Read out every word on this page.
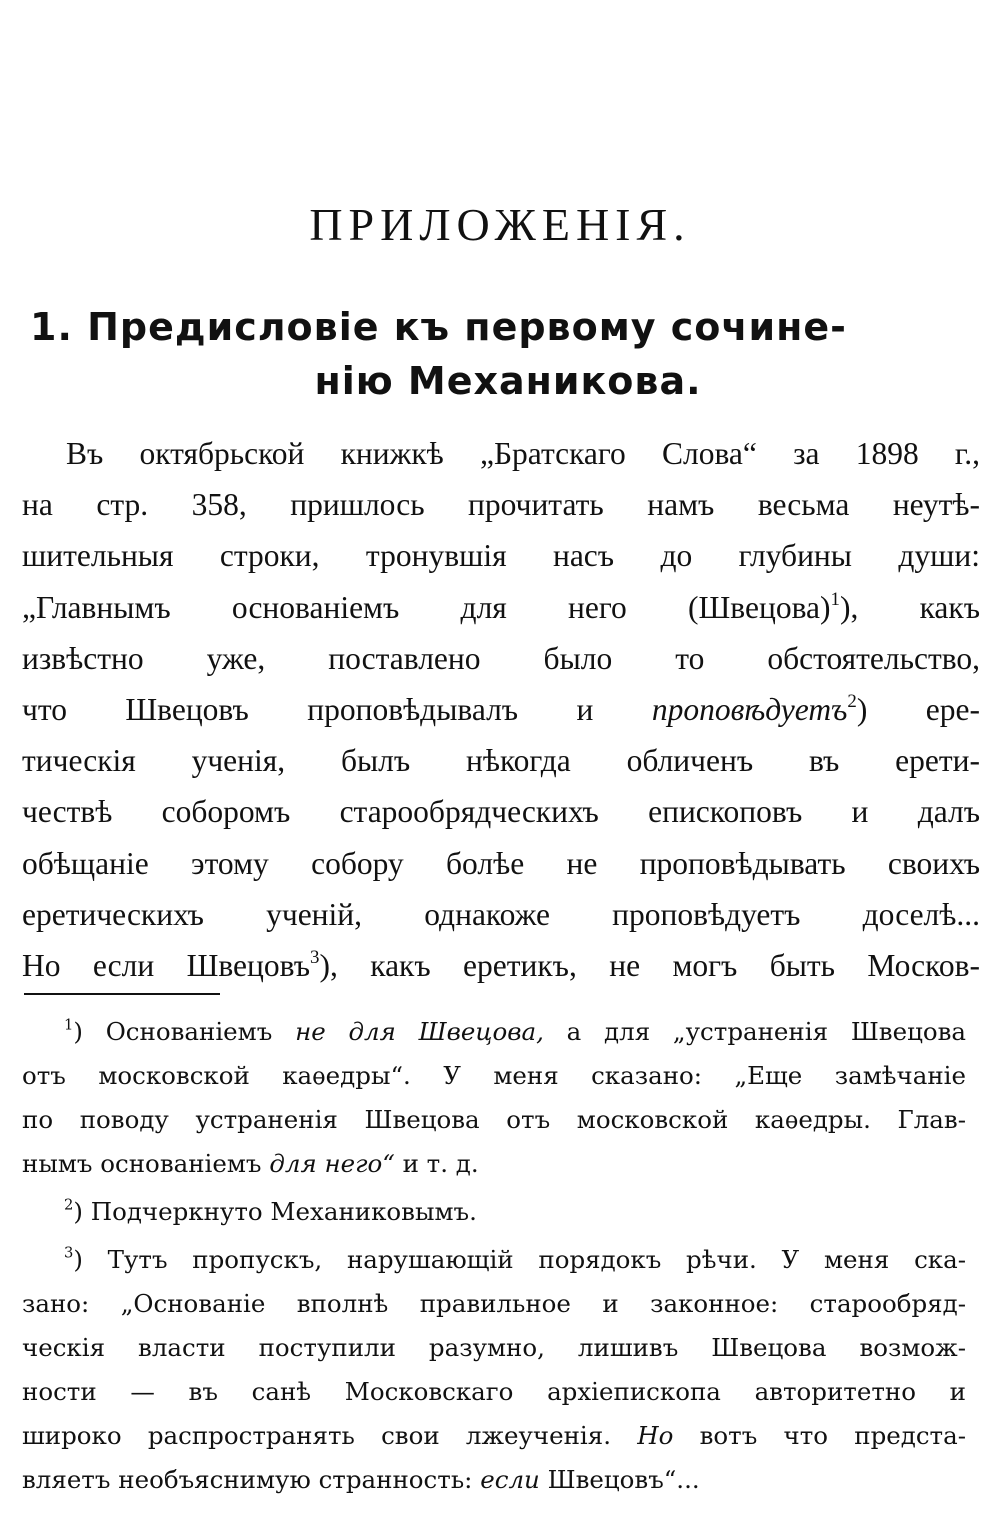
ПРИЛОЖЕНІЯ.
1. Предисловіе къ первому сочине-
нію Механикова.
Въ октябрьской книжкѣ „Братскаго Слова“ за 1898 г.,
на стр. 358, пришлось прочитать намъ весьма неутѣ-
шительныя строки, тронувшія насъ до глубины души:
„Главнымъ основаніемъ для него (Швецова)$^1$), какъ
извѣстно уже, поставлено было то обстоятельство,
что Швецовъ проповѣдывалъ и проповѣдуетъ$^2$) ере-
тическія ученія, былъ нѣкогда обличенъ въ ерети-
чествѣ соборомъ старообрядческихъ епископовъ и далъ
обѣщаніе этому собору болѣе не проповѣдывать своихъ
еретическихъ ученій, однакоже проповѣдуетъ доселѣ...
Но если Швецовъ$^3$), какъ еретикъ, не могъ быть Москов-
$^1$) Основаніемъ не для Швецова, а для „устраненія Швецова
отъ московской каѳедры“. У меня сказано: „Еще замѣчаніе
по поводу устраненія Швецова отъ московской каѳедры. Глав-
нымъ основаніемъ для него“ и т. д.
$^2$) Подчеркнуто Механиковымъ.
$^3$) Тутъ пропускъ, нарушающій порядокъ рѣчи. У меня ска-
зано: „Основаніе вполнѣ правильное и законное: старообряд-
ческія власти поступили разумно, лишивъ Швецова возмож-
ности — въ санѣ Московскаго архіепископа авторитетно и
широко распространять свои лжеученія. Но вотъ что предста-
вляетъ необъяснимую странность: если Швецовъ“...
